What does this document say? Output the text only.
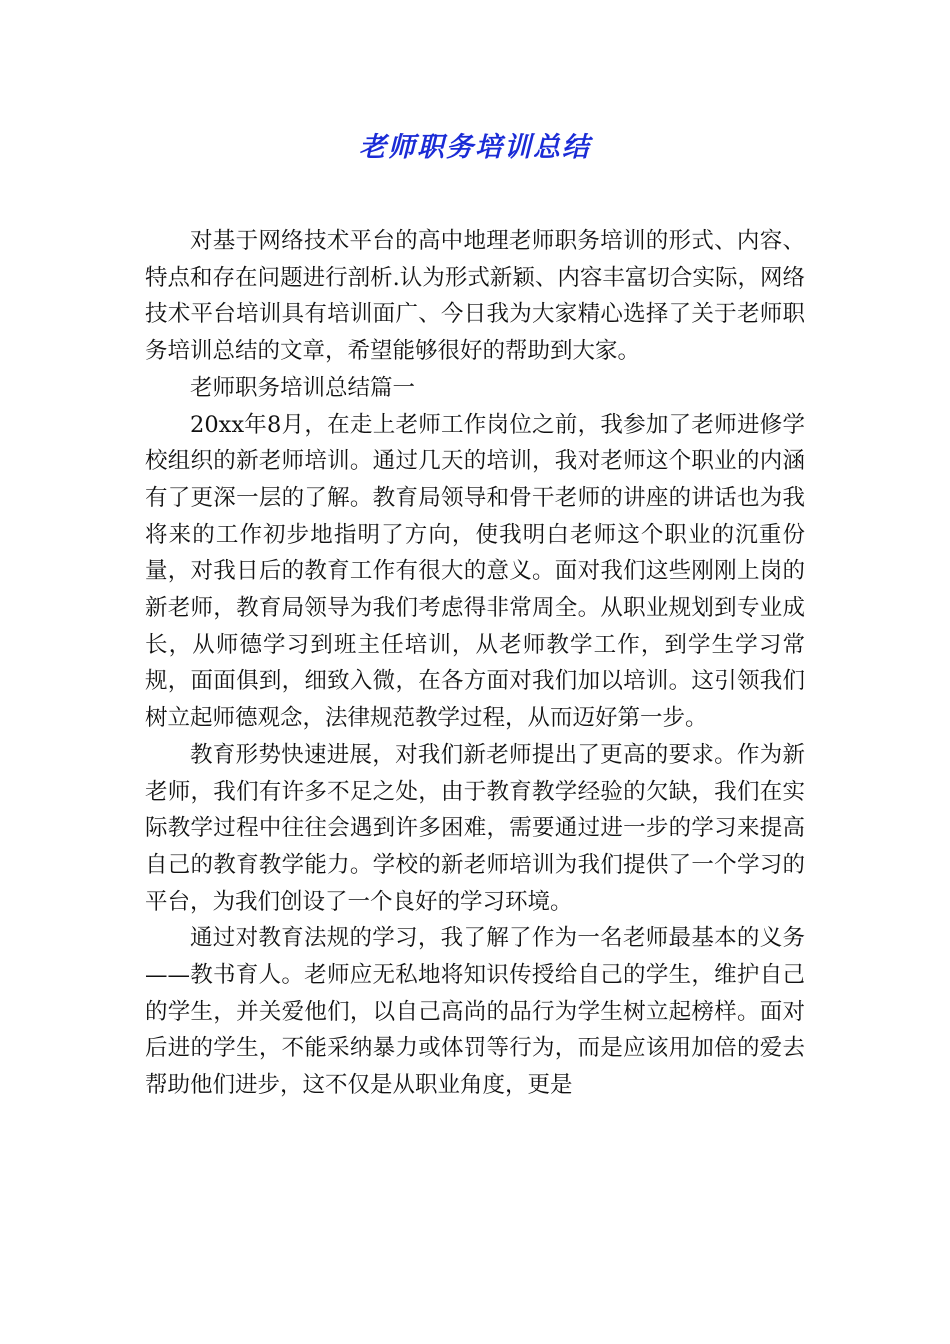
老师职务培训总结

对基于网络技术平台的高中地理老师职务培训的形式、内容、特点和存在问题进行剖析.认为形式新颖、内容丰富切合实际，网络技术平台培训具有培训面广、今日我为大家精心选择了关于老师职务培训总结的文章，希望能够很好的帮助到大家。

老师职务培训总结篇一

20xx年8月，在走上老师工作岗位之前，我参加了老师进修学校组织的新老师培训。通过几天的培训，我对老师这个职业的内涵有了更深一层的了解。教育局领导和骨干老师的讲座的讲话也为我将来的工作初步地指明了方向，使我明白老师这个职业的沉重份量，对我日后的教育工作有很大的意义。面对我们这些刚刚上岗的新老师，教育局领导为我们考虑得非常周全。从职业规划到专业成长，从师德学习到班主任培训，从老师教学工作，到学生学习常规，面面俱到，细致入微，在各方面对我们加以培训。这引领我们树立起师德观念，法律规范教学过程，从而迈好第一步。

教育形势快速进展，对我们新老师提出了更高的要求。作为新老师，我们有许多不足之处，由于教育教学经验的欠缺，我们在实际教学过程中往往会遇到许多困难，需要通过进一步的学习来提高自己的教育教学能力。学校的新老师培训为我们提供了一个学习的平台，为我们创设了一个良好的学习环境。

通过对教育法规的学习，我了解了作为一名老师最基本的义务——教书育人。老师应无私地将知识传授给自己的学生，维护自己的学生，并关爱他们，以自己高尚的品行为学生树立起榜样。面对后进的学生，不能采纳暴力或体罚等行为，而是应该用加倍的爱去帮助他们进步，这不仅是从职业角度，更是
